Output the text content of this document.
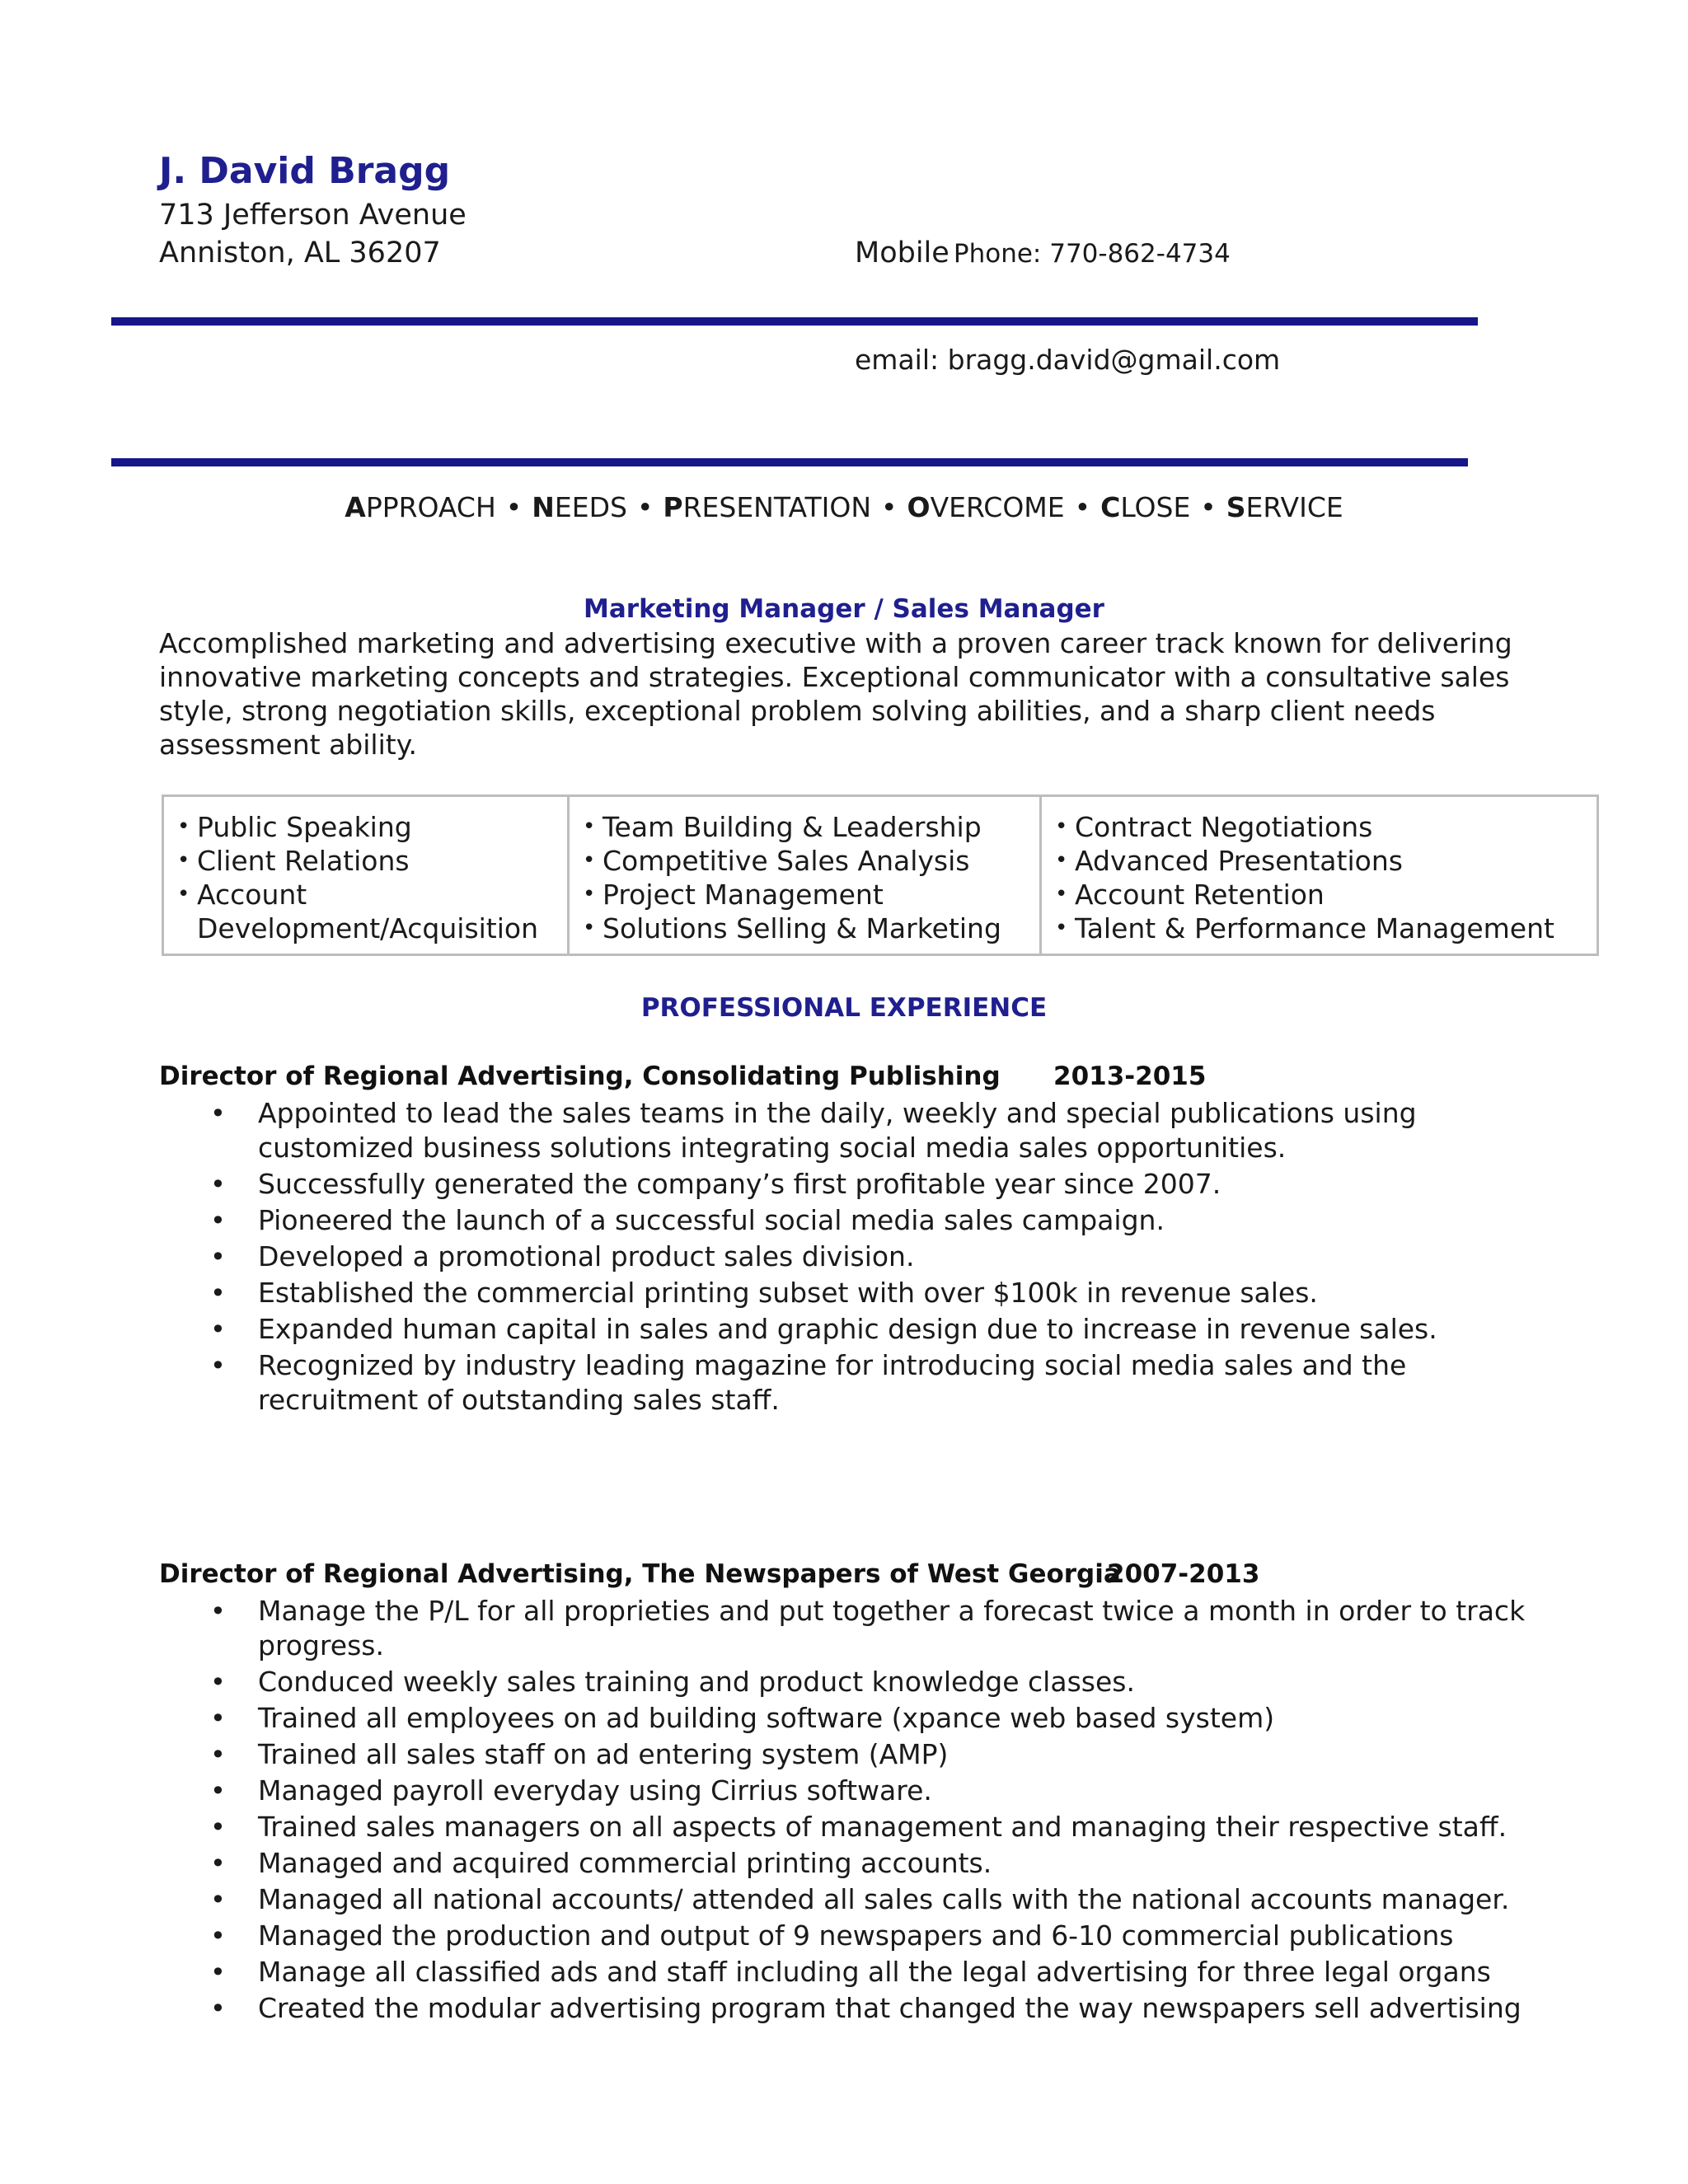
J. David Bragg
713 Jefferson Avenue
Anniston, AL 36207	Mobile Phone: 770-862-4734
email: bragg.david@gmail.com
APPROACH • NEEDS • PRESENTATION • OVERCOME • CLOSE • SERVICE
Marketing Manager / Sales Manager
Accomplished marketing and advertising executive with a proven career track known for delivering innovative marketing concepts and strategies. Exceptional communicator with a consultative sales style, strong negotiation skills, exceptional problem solving abilities, and a sharp client needs assessment ability.
• Public Speaking
• Client Relations
• Account Development/Acquisition
• Team Building & Leadership
• Competitive Sales Analysis
• Project Management
• Solutions Selling & Marketing
• Contract Negotiations
• Advanced Presentations
• Account Retention
• Talent & Performance Management
PROFESSIONAL EXPERIENCE
Director of Regional Advertising, Consolidating Publishing 2013-2015
• Appointed to lead the sales teams in the daily, weekly and special publications using customized business solutions integrating social media sales opportunities.
• Successfully generated the company’s first profitable year since 2007.
• Pioneered the launch of a successful social media sales campaign.
• Developed a promotional product sales division.
• Established the commercial printing subset with over $100k in revenue sales.
• Expanded human capital in sales and graphic design due to increase in revenue sales.
• Recognized by industry leading magazine for introducing social media sales and the recruitment of outstanding sales staff.
Director of Regional Advertising, The Newspapers of West Georgia
2007-2013
• Manage the P/L for all proprieties and put together a forecast twice a month in order to track progress.
• Conduced weekly sales training and product knowledge classes.
• Trained all employees on ad building software (xpance web based system)
• Trained all sales staff on ad entering system (AMP)
• Managed payroll everyday using Cirrius software.
• Trained sales managers on all aspects of management and managing their respective staff.
• Managed and acquired commercial printing accounts.
• Managed all national accounts/ attended all sales calls with the national accounts manager.
• Managed the production and output of 9 newspapers and 6-10 commercial publications
• Manage all classified ads and staff including all the legal advertising for three legal organs
• Created the modular advertising program that changed the way newspapers sell advertising
